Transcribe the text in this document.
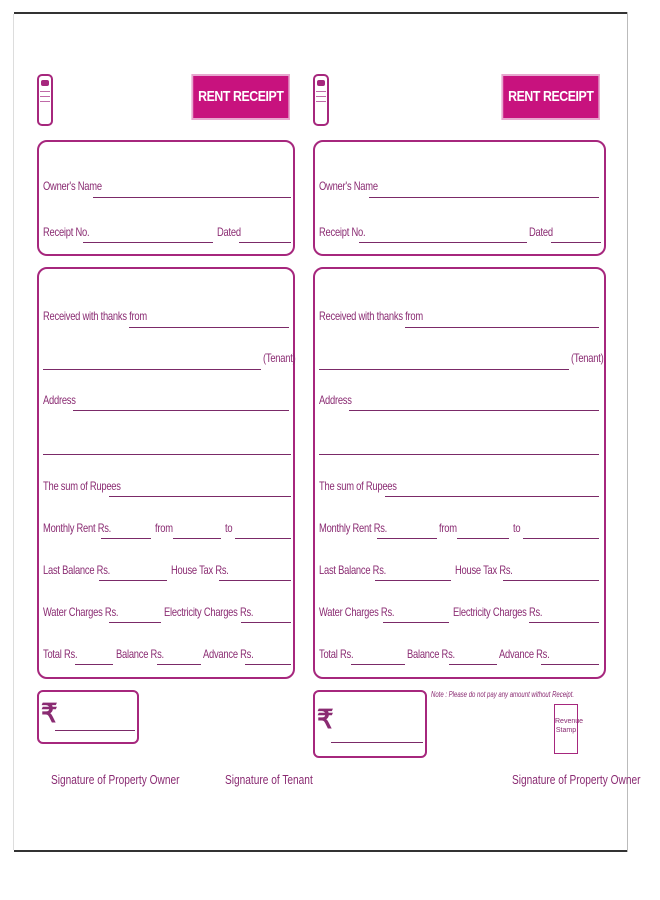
RENT RECEIPT
Owner's Name
Receipt No.	Dated
Received with thanks from
(Tenant)
Address
The sum of Rupees
Monthly Rent Rs.	from	to
Last Balance Rs.	House Tax Rs.
Water Charges Rs.	Electricity Charges Rs.
Total Rs.	Balance Rs.	Advance Rs.
₹
Signature of Property Owner	Signature of Tenant
RENT RECEIPT
Owner's Name
Receipt No.	Dated
Received with thanks from
(Tenant)
Address
The sum of Rupees
Monthly Rent Rs.	from	to
Last Balance Rs.	House Tax Rs.
Water Charges Rs.	Electricity Charges Rs.
Total Rs.	Balance Rs.	Advance Rs.
₹
Note : Please do not pay any amount without Receipt.
Revenue Stamp
Signature of Property Owner
